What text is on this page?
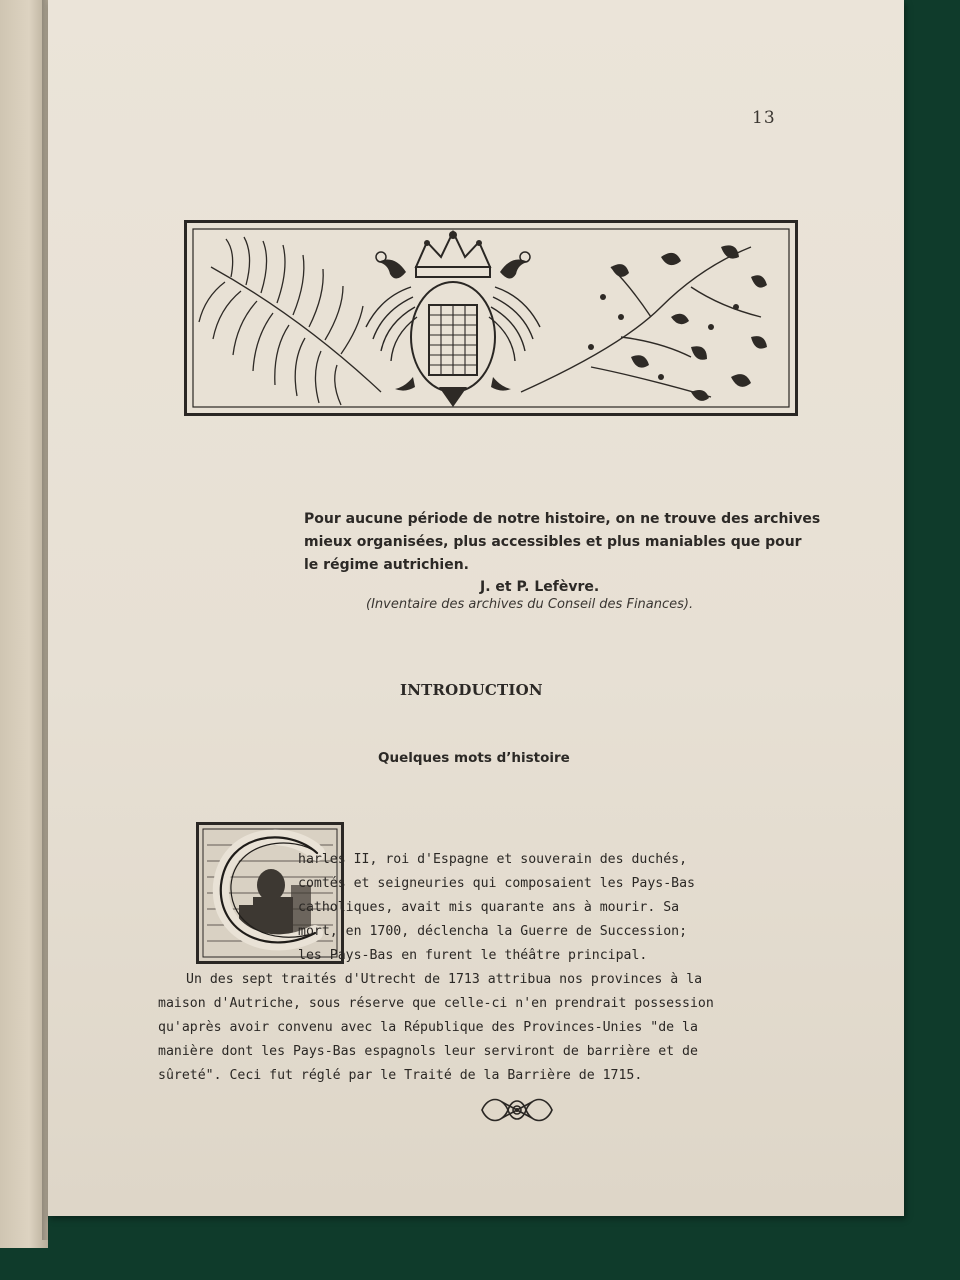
13
Pour aucune période de notre histoire, on ne trouve des archives
mieux organisées, plus accessibles et plus maniables que pour
le régime autrichien.
J. et P. Lefèvre.
(Inventaire des archives du Conseil des Finances).
INTRODUCTION
Quelques mots d’histoire
harles II, roi d'Espagne et souverain des duchés,
comtés et seigneuries qui composaient les Pays-Bas
catholiques, avait mis quarante ans à mourir. Sa
mort, en 1700, déclencha la Guerre de Succession;
les Pays-Bas en furent le théâtre principal.
Un des sept traités d'Utrecht de 1713 attribua nos provinces à la
maison d'Autriche, sous réserve que celle-ci n'en prendrait possession
qu'après avoir convenu avec la République des Provinces-Unies "de la
manière dont les Pays-Bas espagnols leur serviront de barrière et de
sûreté". Ceci fut réglé par le Traité de la Barrière de 1715.
